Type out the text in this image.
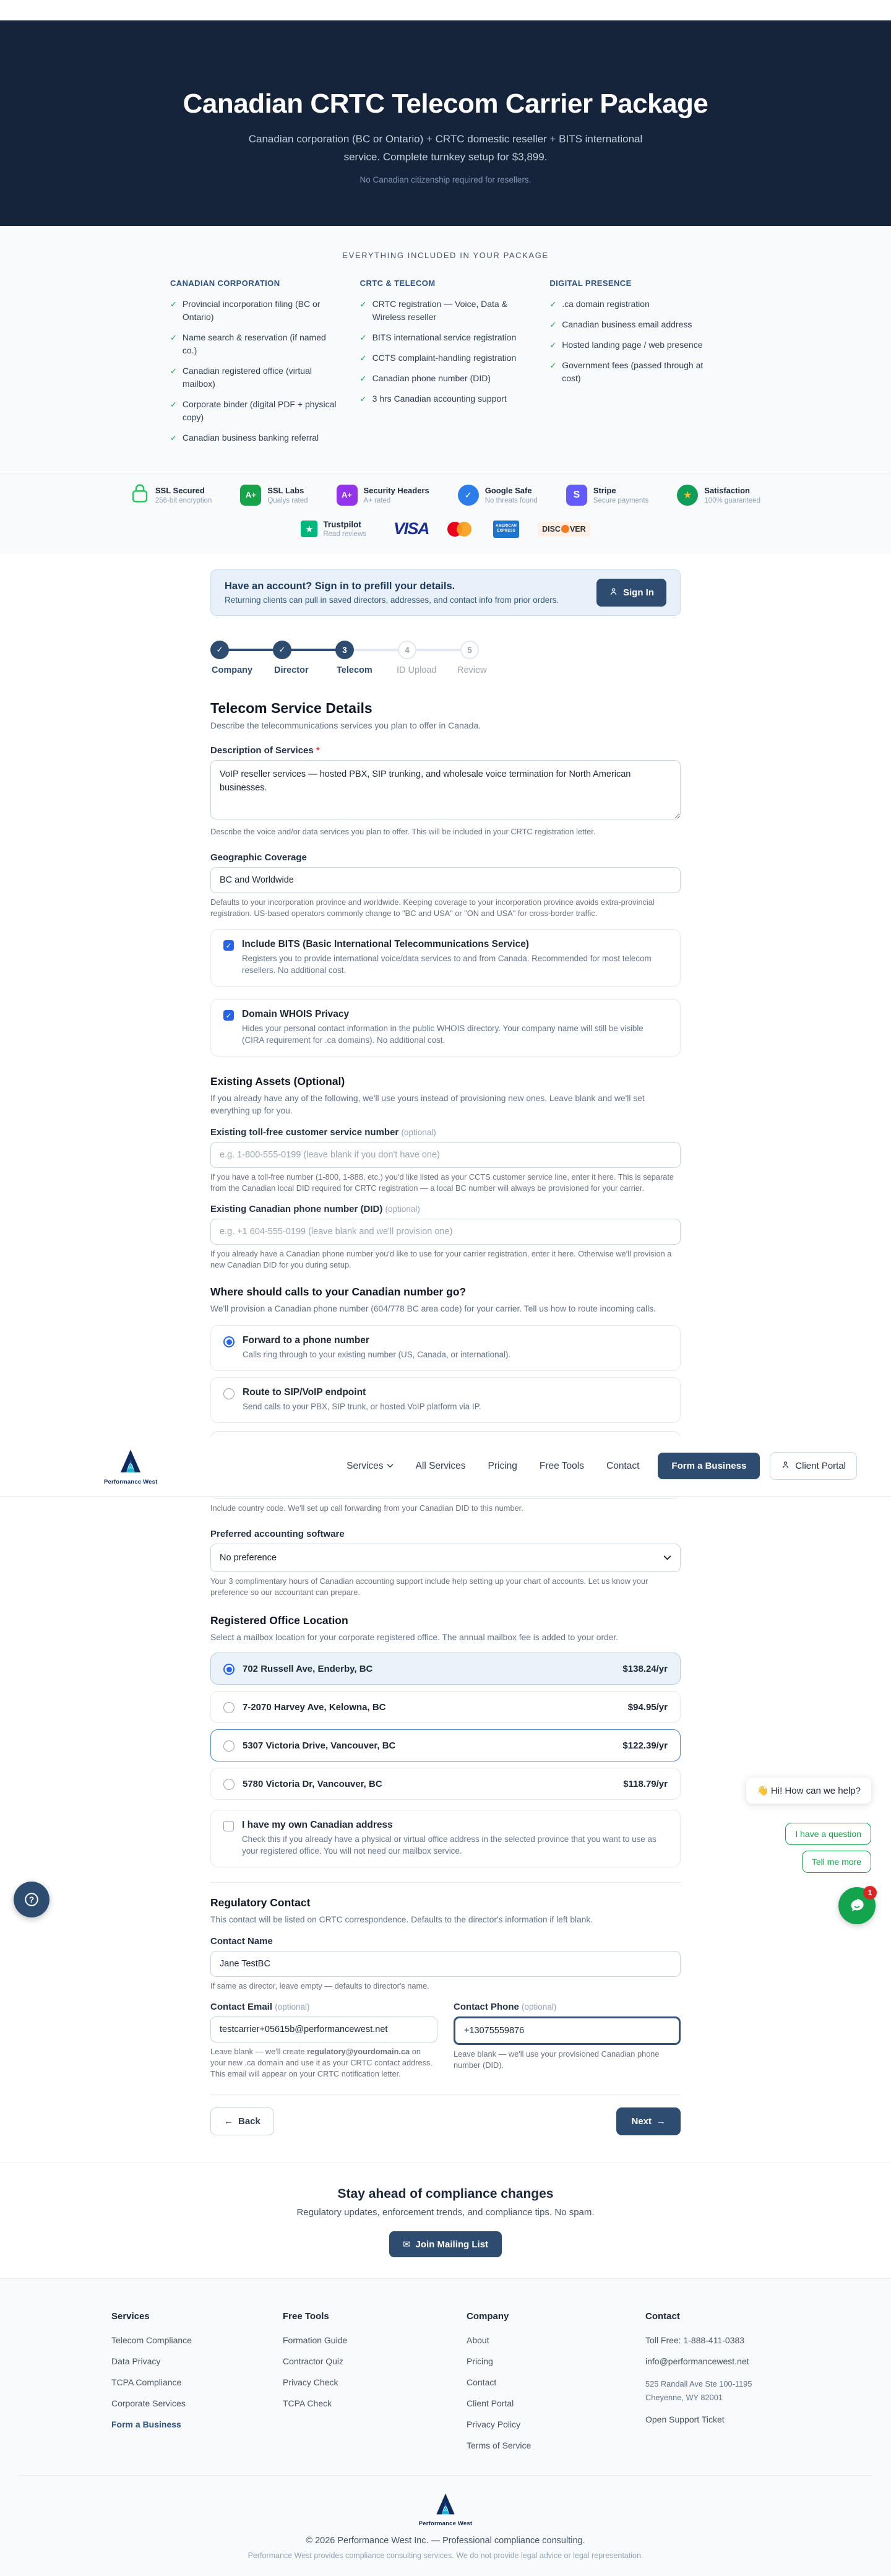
Canadian CRTC Telecom Carrier Package

Canadian corporation (BC or Ontario) + CRTC domestic reseller + BITS international service. Complete turnkey setup for $3,899.

No Canadian citizenship required for resellers.

EVERYTHING INCLUDED IN YOUR PACKAGE
CANADIAN CORPORATION
✓ Provincial incorporation filing (BC or Ontario)
✓ Name search & reservation (if named co.)
✓ Canadian registered office (virtual mailbox)
✓ Corporate binder (digital PDF + physical copy)
✓ Canadian business banking referral
CRTC & TELECOM
✓ CRTC registration — Voice, Data & Wireless reseller
✓ BITS international service registration
✓ CCTS complaint-handling registration
✓ Canadian phone number (DID)
✓ 3 hrs Canadian accounting support
DIGITAL PRESENCE
✓ .ca domain registration
✓ Canadian business email address
✓ Hosted landing page / web presence
✓ Government fees (passed through at cost)
SSL Secured
256-bit encryption
A+	SSL Labs
Qualys rated
A+	Security Headers
A+ rated	✓	Google Safe
No threats found
S	Stripe
Secure payments	★	Satisfaction
100% guaranteed
★	Trustpilot
Read reviews VISA	AMERICAN
EXPRESS	DISC VER
Have an account? Sign in to prefill your details.
Returning clients can pull in saved directors, addresses, and contact info from prior orders.
Sign In
✓	✓	3	4	5
Company Director	Telecom	ID Upload Review
Telecom Service Details

Describe the telecommunications services you plan to offer in Canada.

Description of Services *
VoIP reseller services — hosted PBX, SIP trunking, and wholesale voice termination for North American businesses.
Describe the voice and/or data services you plan to offer. This will be included in your CRTC registration letter.
Geographic Coverage
BC and Worldwide
Defaults to your incorporation province and worldwide. Keeping coverage to your incorporation province avoids extra-provincial registration. US-based operators commonly change to "BC and USA" or "ON and USA" for cross-border traffic.
✓ Include BITS (Basic International Telecommunications Service)
Registers you to provide international voice/data services to and from Canada. Recommended for most telecom resellers. No additional cost.
✓ Domain WHOIS Privacy
Hides your personal contact information in the public WHOIS directory. Your company name will still be visible (CIRA requirement for .ca domains). No additional cost.
Existing Assets (Optional)

If you already have any of the following, we'll use yours instead of provisioning new ones. Leave blank and we'll set everything up for you.

Existing toll-free customer service number (optional)
e.g. 1-800-555-0199 (leave blank if you don't have one)
If you have a toll-free number (1-800, 1-888, etc.) you'd like listed as your CCTS customer service line, enter it here. This is separate from the Canadian local DID required for CRTC registration — a local BC number will always be provisioned for your carrier.
Existing Canadian phone number (DID) (optional)
e.g. +1 604-555-0199 (leave blank and we'll provision one)
If you already have a Canadian phone number you'd like to use for your carrier registration, enter it here. Otherwise we'll provision a new Canadian DID for you during setup.
Where should calls to your Canadian number go?

We'll provision a Canadian phone number (604/778 BC area code) for your carrier. Tell us how to route incoming calls.

Forward to a phone number
Calls ring through to your existing number (US, Canada, or international).
Route to SIP/VoIP endpoint
Send calls to your PBX, SIP trunk, or hosted VoIP platform via IP.
Performance West
Services	All Services Pricing Free Tools Contact	Form a Business	Client Portal
Include country code. We'll set up call forwarding from your Canadian DID to this number.
Preferred accounting software
No preference
Your 3 complimentary hours of Canadian accounting support include help setting up your chart of accounts. Let us know your preference so our accountant can prepare.
Registered Office Location

Select a mailbox location for your corporate registered office. The annual mailbox fee is added to your order.

702 Russell Ave, Enderby, BC	$138.24/yr
7-2070 Harvey Ave, Kelowna, BC	$94.95/yr
5307 Victoria Drive, Vancouver, BC	$122.39/yr
5780 Victoria Dr, Vancouver, BC	$118.79/yr
I have my own Canadian address
Check this if you already have a physical or virtual office address in the selected province that you want to use as your registered office. You will not need our mailbox service.
Regulatory Contact

This contact will be listed on CRTC correspondence. Defaults to the director's information if left blank.

Contact Name
Jane TestBC
If same as director, leave empty — defaults to director's name.
Contact Email (optional)
testcarrier+05615b@performancewest.net
Leave blank — we'll create regulatory@yourdomain.ca on your new .ca domain and use it as your CRTC contact address. This email will appear on your CRTC notification letter.
Contact Phone (optional)
+13075559876
Leave blank — we'll use your provisioned Canadian phone number (DID).
← Back	Next →
Stay ahead of compliance changes

Regulatory updates, enforcement trends, and compliance tips. No spam.

✉ Join Mailing List
Services
Telecom Compliance
Data Privacy
TCPA Compliance
Corporate Services
Form a Business
Free Tools
Formation Guide
Contractor Quiz
Privacy Check
TCPA Check
Company
About
Pricing
Contact
Client Portal
Privacy Policy
Terms of Service
Contact
Toll Free: 1-888-411-0383
info@performancewest.net
525 Randall Ave Ste 100-1195
Cheyenne, WY 82001
Open Support Ticket
Performance West
© 2026 Performance West Inc. — Professional compliance consulting.
Performance West provides compliance consulting services. We do not provide legal advice or legal representation.
👋 Hi! How can we help?
I have a question
Tell me more
1
?
